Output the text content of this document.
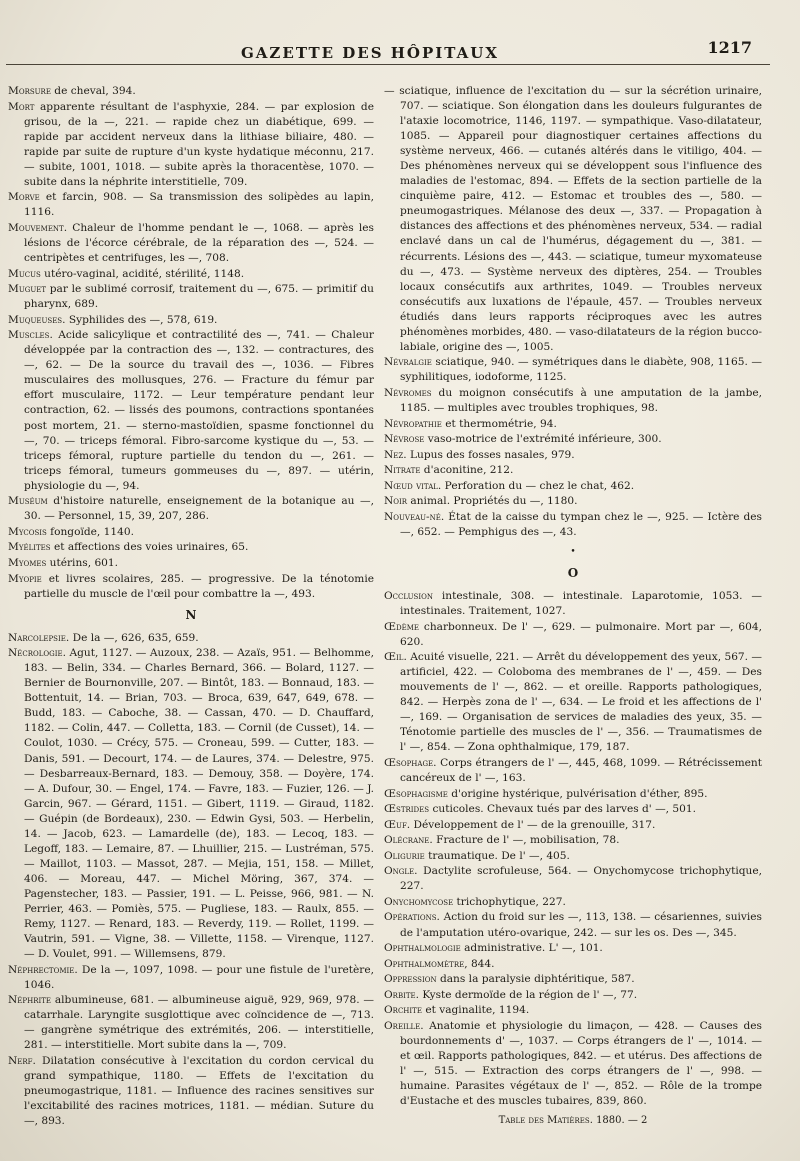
GAZETTE DES HÔPITAUX	1217

Morsure de cheval, 394.

Mort apparente résultant de l'asphyxie, 284. — par explosion de grisou, de la —, 221. — rapide chez un diabétique, 699. — rapide par accident nerveux dans la lithiase biliaire, 480. — rapide par suite de rupture d'un kyste hydatique méconnu, 217. — subite, 1001, 1018. — subite après la thoracentèse, 1070. — subite dans la néphrite interstitielle, 709.

Morve et farcin, 908. — Sa transmission des solipèdes au lapin, 1116.

Mouvement. Chaleur de l'homme pendant le —, 1068. — après les lésions de l'écorce cérébrale, de la réparation des —, 524. — centripètes et centrifuges, les —, 708.

Mucus utéro-vaginal, acidité, stérilité, 1148.

Muguet par le sublimé corrosif, traitement du —, 675. — primitif du pharynx, 689.

Muqueuses. Syphilides des —, 578, 619.

Muscles. Acide salicylique et contractilité des —, 741. — Chaleur développée par la contraction des —, 132. — contractures, des —, 62. — De la source du travail des —, 1036. — Fibres musculaires des mollusques, 276. — Fracture du fémur par effort musculaire, 1172. — Leur température pendant leur contraction, 62. — lissés des poumons, contractions spontanées post mortem, 21. — sterno-mastoïdien, spasme fonctionnel du —, 70. — triceps fémoral. Fibro-sarcome kystique du —, 53. — triceps fémoral, rupture partielle du tendon du —, 261. — triceps fémoral, tumeurs gommeuses du —, 897. — utérin, physiologie du —, 94.

Muséum d'histoire naturelle, enseignement de la botanique au —, 30. — Personnel, 15, 39, 207, 286.

Mycosis fongoïde, 1140.

Myélites et affections des voies urinaires, 65.

Myomes utérins, 601.

Myopie et livres scolaires, 285. — progressive. De la ténotomie partielle du muscle de l'œil pour combattre la —, 493.

N

Narcolepsie. De la —, 626, 635, 659.

Nécrologie. Agut, 1127. — Auzoux, 238. — Azaïs, 951. — Belhomme, 183. — Belin, 334. — Charles Bernard, 366. — Bolard, 1127. — Bernier de Bournonville, 207. — Bintôt, 183. — Bonnaud, 183. — Bottentuit, 14. — Brian, 703. — Broca, 639, 647, 649, 678. — Budd, 183. — Caboche, 38. — Cassan, 470. — D. Chauffard, 1182. — Colin, 447. — Colletta, 183. — Cornil (de Cusset), 14. — Coulot, 1030. — Crécy, 575. — Croneau, 599. — Cutter, 183. — Danis, 591. — Decourt, 174. — de Laures, 374. — Delestre, 975. — Desbarreaux-Bernard, 183. — Demouy, 358. — Doyère, 174. — A. Dufour, 30. — Engel, 174. — Favre, 183. — Fuzier, 126. — J. Garcin, 967. — Gérard, 1151. — Gibert, 1119. — Giraud, 1182. — Guépin (de Bordeaux), 230. — Edwin Gysi, 503. — Herbelin, 14. — Jacob, 623. — Lamardelle (de), 183. — Lecoq, 183. — Legoff, 183. — Lemaire, 87. — Lhuillier, 215. — Lustréman, 575. — Maillot, 1103. — Massot, 287. — Mejia, 151, 158. — Millet, 406. — Moreau, 447. — Michel Möring, 367, 374. — Pagenstecher, 183. — Passier, 191. — L. Peisse, 966, 981. — N. Perrier, 463. — Pomiès, 575. — Pugliese, 183. — Raulx, 855. — Remy, 1127. — Renard, 183. — Reverdy, 119. — Rollet, 1199. — Vautrin, 591. — Vigne, 38. — Villette, 1158. — Virenque, 1127. — D. Voulet, 991. — Willemsens, 879.

Néphrectomie. De la —, 1097, 1098. — pour une fistule de l'uretère, 1046.

Néphrite albumineuse, 681. — albumineuse aiguë, 929, 969, 978. — catarrhale. Laryngite susglottique avec coïncidence de —, 713. — gangrène symétrique des extrémités, 206. — interstitielle, 281. — interstitielle. Mort subite dans la —, 709.

Nerf. Dilatation consécutive à l'excitation du cordon cervical du grand sympathique, 1180. — Effets de l'excitation du pneumogastrique, 1181. — Influence des racines sensitives sur l'excitabilité des racines motrices, 1181. — médian. Suture du —, 893.

— sciatique, influence de l'excitation du — sur la sécrétion urinaire, 707. — sciatique. Son élongation dans les douleurs fulgurantes de l'ataxie locomotrice, 1146, 1197. — sympathique. Vaso-dilatateur, 1085. — Appareil pour diagnostiquer certaines affections du système nerveux, 466. — cutanés altérés dans le vitiligo, 404. — Des phénomènes nerveux qui se développent sous l'influence des maladies de l'estomac, 894. — Effets de la section partielle de la cinquième paire, 412. — Estomac et troubles des —, 580. — pneumogastriques. Mélanose des deux —, 337. — Propagation à distances des affections et des phénomènes nerveux, 534. — radial enclavé dans un cal de l'humérus, dégagement du —, 381. — récurrents. Lésions des —, 443. — sciatique, tumeur myxomateuse du —, 473. — Système nerveux des diptères, 254. — Troubles locaux consécutifs aux arthrites, 1049. — Troubles nerveux consécutifs aux luxations de l'épaule, 457. — Troubles nerveux étudiés dans leurs rapports réciproques avec les autres phénomènes morbides, 480. — vaso-dilatateurs de la région bucco-labiale, origine des —, 1005.

Névralgie sciatique, 940. — symétriques dans le diabète, 908, 1165. — syphilitiques, iodoforme, 1125.

Névromes du moignon consécutifs à une amputation de la jambe, 1185. — multiples avec troubles trophiques, 98.

Névropathie et thermométrie, 94.

Névrose vaso-motrice de l'extrémité inférieure, 300.

Nez. Lupus des fosses nasales, 979.

Nitrate d'aconitine, 212.

Nœud vital. Perforation du — chez le chat, 462.

Noir animal. Propriétés du —, 1180.

Nouveau-né. État de la caisse du tympan chez le —, 925. — Ictère des —, 652. — Pemphigus des —, 43.

•
O

Occlusion intestinale, 308. — intestinale. Laparotomie, 1053. — intestinales. Traitement, 1027.

Œdème charbonneux. De l' —, 629. — pulmonaire. Mort par —, 604, 620.

Œil. Acuité visuelle, 221. — Arrêt du développement des yeux, 567. — artificiel, 422. — Coloboma des membranes de l' —, 459. — Des mouvements de l' —, 862. — et oreille. Rapports pathologiques, 842. — Herpès zona de l' —, 634. — Le froid et les affections de l' —, 169. — Organisation de services de maladies des yeux, 35. — Ténotomie partielle des muscles de l' —, 356. — Traumatismes de l' —, 854. — Zona ophthalmique, 179, 187.

Œsophage. Corps étrangers de l' —, 445, 468, 1099. — Rétrécissement cancéreux de l' —, 163.

Œsophagisme d'origine hystérique, pulvérisation d'éther, 895.

Œstrides cuticoles. Chevaux tués par des larves d' —, 501.

Œuf. Développement de l' — de la grenouille, 317.

Olécrane. Fracture de l' —, mobilisation, 78.

Oligurie traumatique. De l' —, 405.

Ongle. Dactylite scrofuleuse, 564. — Onychomycose trichophytique, 227.

Onychomycose trichophytique, 227.

Opérations. Action du froid sur les —, 113, 138. — césariennes, suivies de l'amputation utéro-ovarique, 242. — sur les os. Des —, 345.

Ophthalmologie administrative. L' —, 101.

Ophthalmomètre, 844.

Oppression dans la paralysie diphtéritique, 587.

Orbite. Kyste dermoïde de la région de l' —, 77.

Orchite et vaginalite, 1194.

Oreille. Anatomie et physiologie du limaçon, — 428. — Causes des bourdonnements d' —, 1037. — Corps étrangers de l' —, 1014. — et œil. Rapports pathologiques, 842. — et utérus. Des affections de l' —, 515. — Extraction des corps étrangers de l' —, 998. — humaine. Parasites végétaux de l' —, 852. — Rôle de la trompe d'Eustache et des muscles tubaires, 839, 860.

Table des Matières. 1880. — 2
